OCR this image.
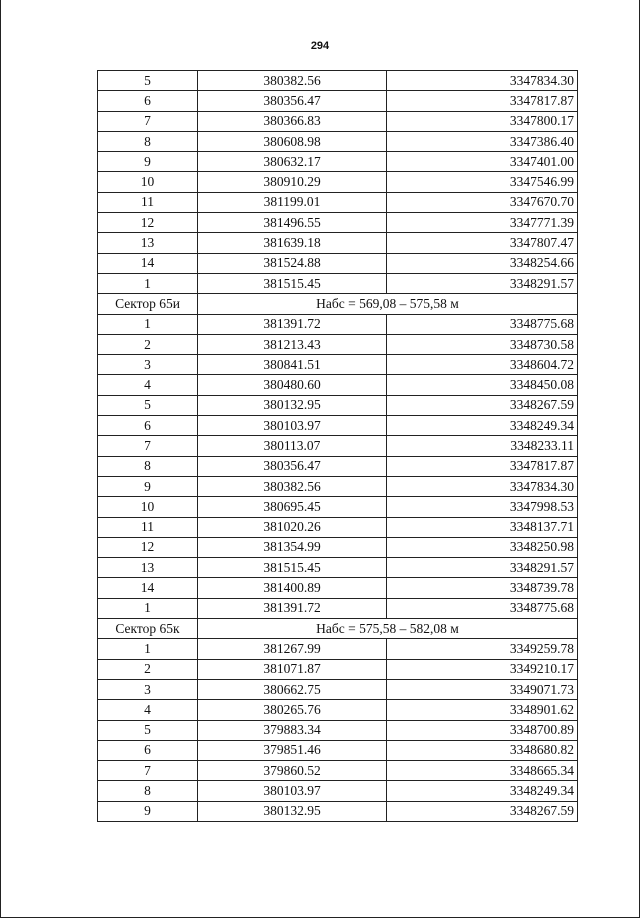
294
5	380382.56	3347834.30
6	380356.47	3347817.87
7	380366.83	3347800.17
8	380608.98	3347386.40
9	380632.17	3347401.00
10	380910.29	3347546.99
11	381199.01	3347670.70
12	381496.55	3347771.39
13	381639.18	3347807.47
14	381524.88	3348254.66
1	381515.45	3348291.57
Сектор 65и	Набс = 569,08 – 575,58 м	
1	381391.72	3348775.68
2	381213.43	3348730.58
3	380841.51	3348604.72
4	380480.60	3348450.08
5	380132.95	3348267.59
6	380103.97	3348249.34
7	380113.07	3348233.11
8	380356.47	3347817.87
9	380382.56	3347834.30
10	380695.45	3347998.53
11	381020.26	3348137.71
12	381354.99	3348250.98
13	381515.45	3348291.57
14	381400.89	3348739.78
1	381391.72	3348775.68
Сектор 65к	Набс = 575,58 – 582,08 м	
1	381267.99	3349259.78
2	381071.87	3349210.17
3	380662.75	3349071.73
4	380265.76	3348901.62
5	379883.34	3348700.89
6	379851.46	3348680.82
7	379860.52	3348665.34
8	380103.97	3348249.34
9	380132.95	3348267.59
